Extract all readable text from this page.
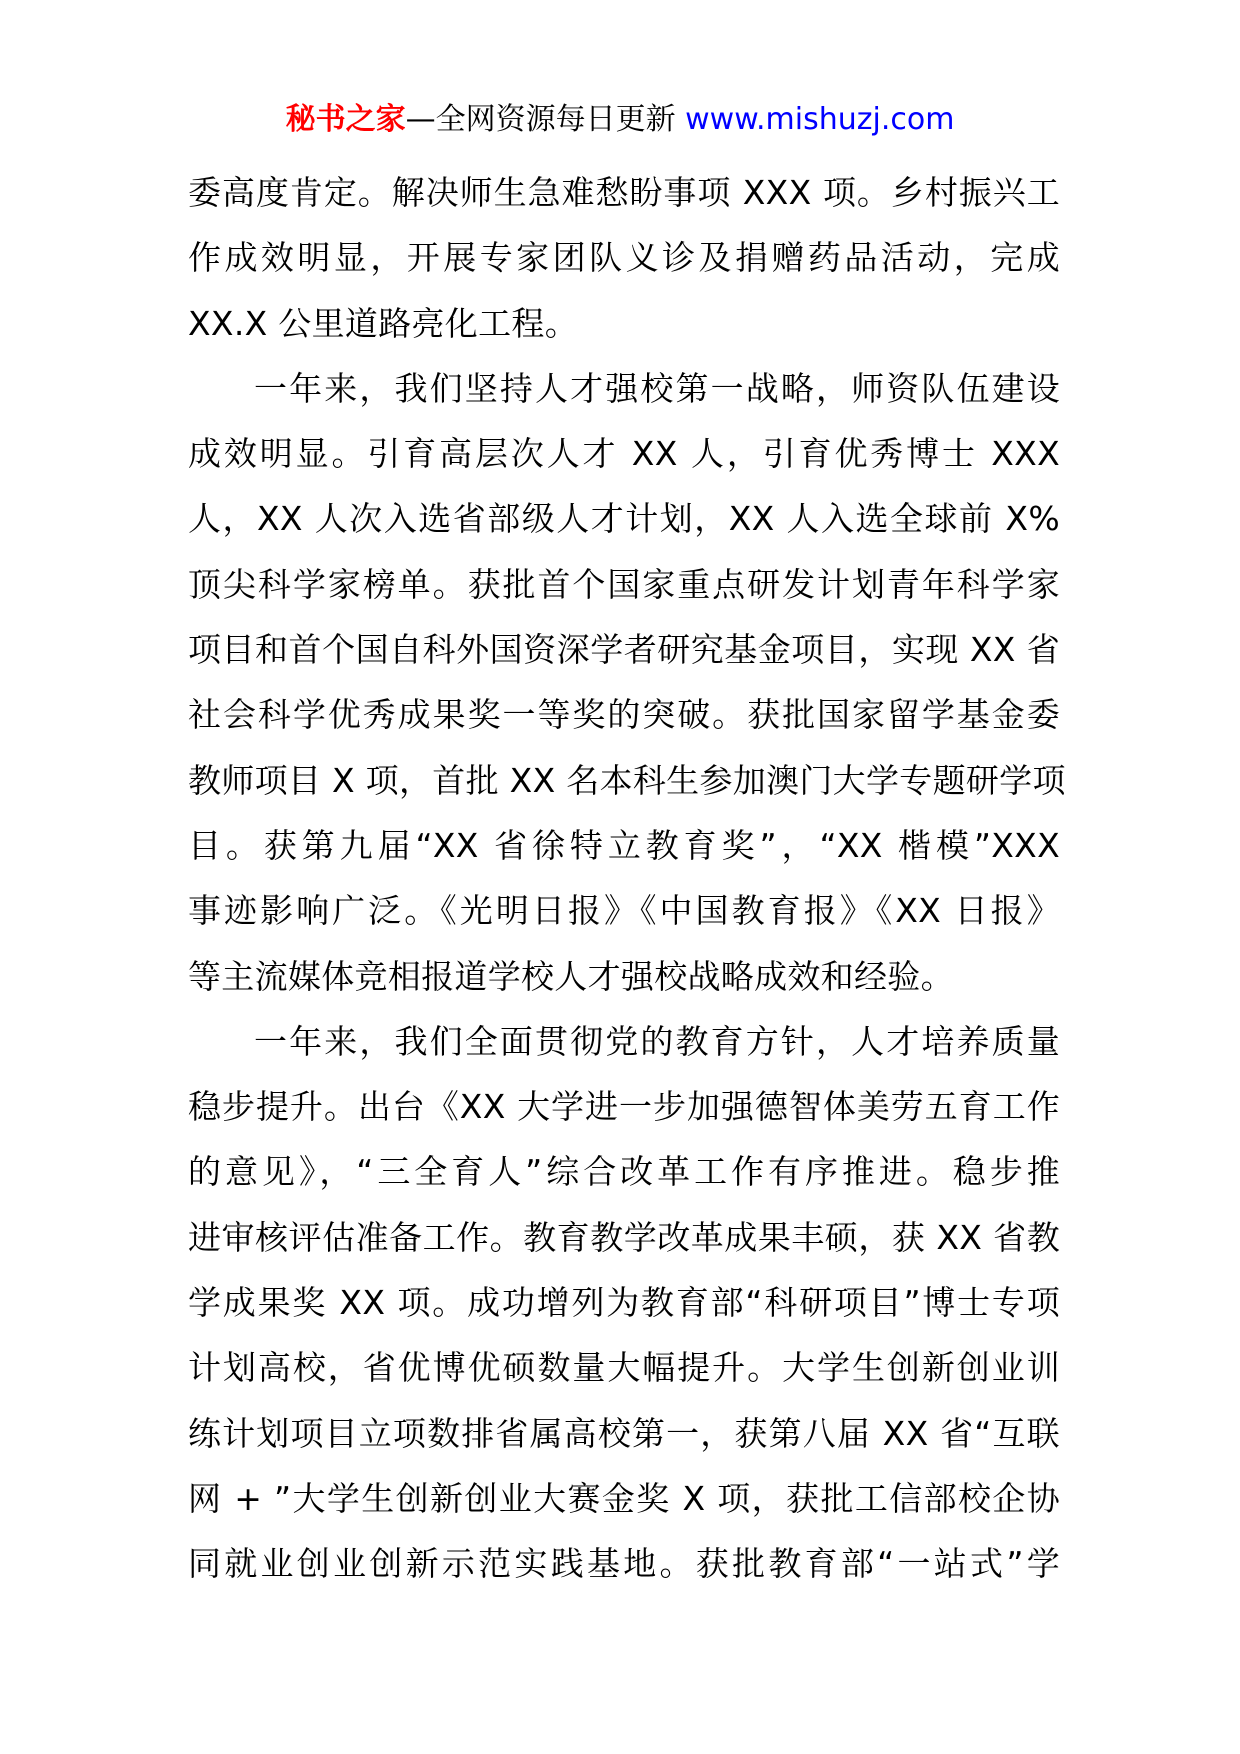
秘书之家—全网资源每日更新 www.mishuzj.com
委高度肯定。解决师生急难愁盼事项 XXX 项。乡村振兴工
作成效明显，开展专家团队义诊及捐赠药品活动，完成
XX.X 公里道路亮化工程。
一年来，我们坚持人才强校第一战略，师资队伍建设
成效明显。引育高层次人才 XX 人，引育优秀博士 XXX
人，XX 人次入选省部级人才计划，XX 人入选全球前 X%
顶尖科学家榜单。获批首个国家重点研发计划青年科学家
项目和首个国自科外国资深学者研究基金项目，实现 XX 省
社会科学优秀成果奖一等奖的突破。获批国家留学基金委
教师项目 X 项，首批 XX 名本科生参加澳门大学专题研学项
目。获第九届“XX 省徐特立教育奖”，“XX 楷模”XXX
事迹影响广泛。《光明日报》《中国教育报》《XX 日报》
等主流媒体竞相报道学校人才强校战略成效和经验。
一年来，我们全面贯彻党的教育方针，人才培养质量
稳步提升。出台《XX 大学进一步加强德智体美劳五育工作
的意见》，“三全育人”综合改革工作有序推进。稳步推
进审核评估准备工作。教育教学改革成果丰硕，获 XX 省教
学成果奖 XX 项。成功增列为教育部“科研项目”博士专项
计划高校，省优博优硕数量大幅提升。大学生创新创业训
练计划项目立项数排省属高校第一，获第八届 XX 省“互联
网 + ”大学生创新创业大赛金奖 X 项，获批工信部校企协
同就业创业创新示范实践基地。获批教育部“一站式”学
